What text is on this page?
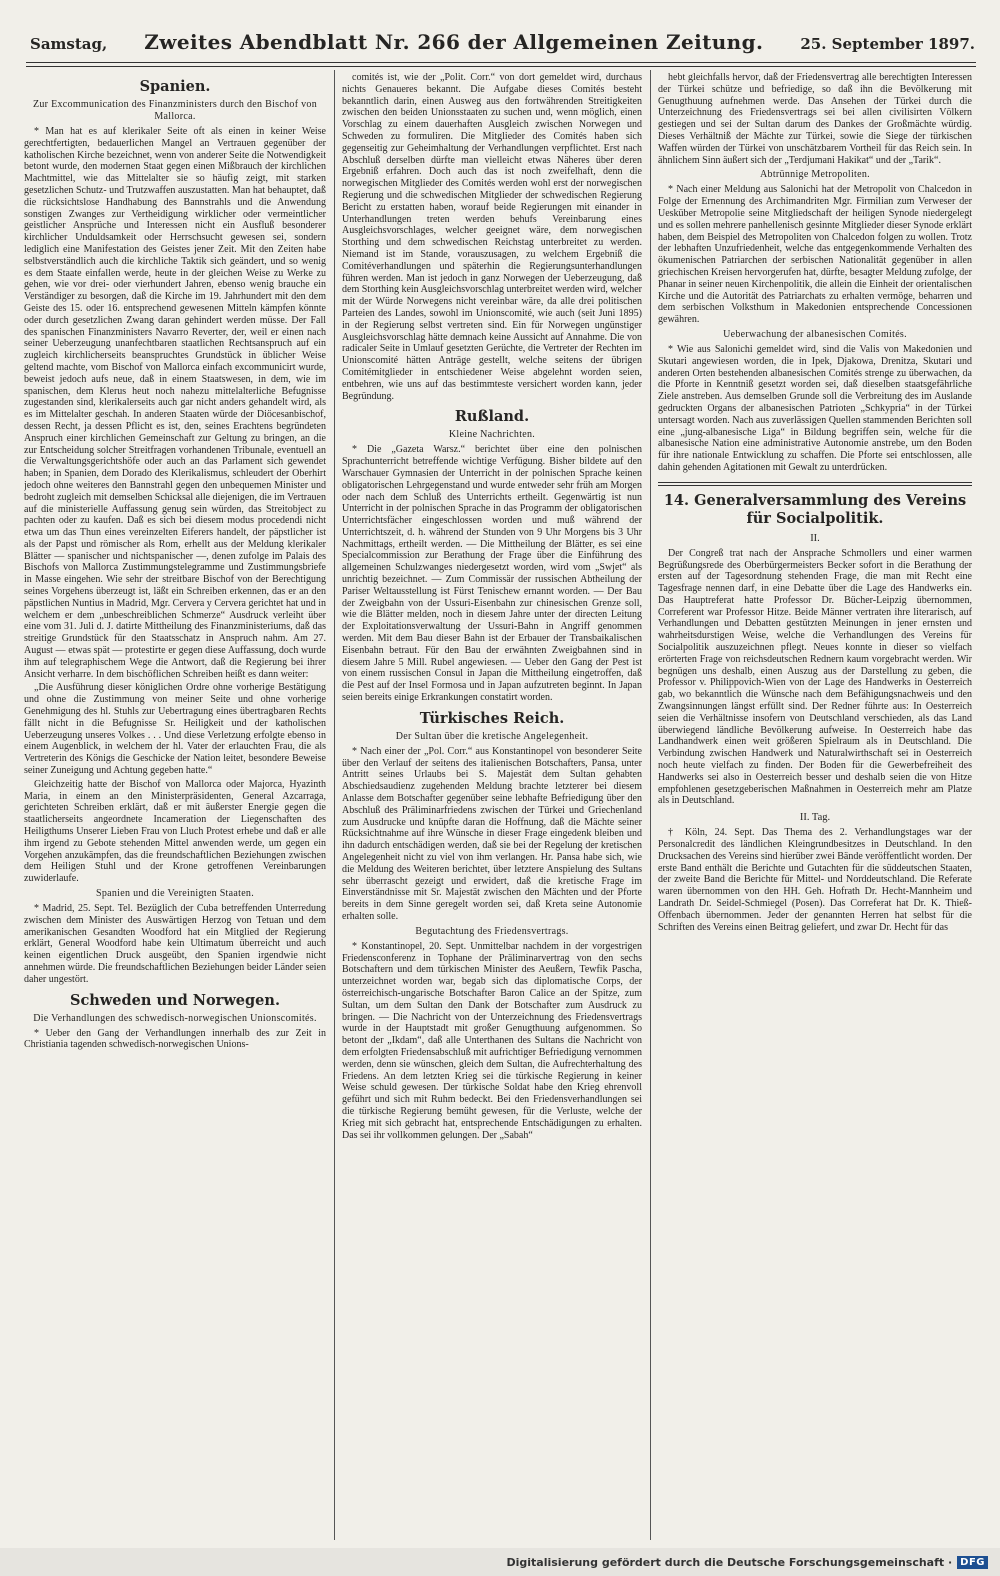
Samstag,	Zweites Abendblatt Nr. 266 der Allgemeinen Zeitung.	25. September 1897.

Spanien.

Zur Excommunication des Finanzministers durch den Bischof von Mallorca.

* Man hat es auf klerikaler Seite oft als einen in keiner Weise gerechtfertigten, bedauerlichen Mangel an Vertrauen gegenüber der katholischen Kirche bezeichnet, wenn von anderer Seite die Notwendigkeit betont wurde, den modernen Staat gegen einen Mißbrauch der kirchlichen Machtmittel, wie das Mittelalter sie so häufig zeigt, mit starken gesetzlichen Schutz- und Trutzwaffen auszustatten. Man hat behauptet, daß die rücksichtslose Handhabung des Bannstrahls und die Anwendung sonstigen Zwanges zur Vertheidigung wirklicher oder vermeintlicher geistlicher Ansprüche und Interessen nicht ein Ausfluß besonderer kirchlicher Unduldsamkeit oder Herrschsucht gewesen sei, sondern lediglich eine Manifestation des Geistes jener Zeit. Mit den Zeiten habe selbstverständlich auch die kirchliche Taktik sich geändert, und so wenig es dem Staate einfallen werde, heute in der gleichen Weise zu Werke zu gehen, wie vor drei- oder vierhundert Jahren, ebenso wenig brauche ein Verständiger zu besorgen, daß die Kirche im 19. Jahrhundert mit den dem Geiste des 15. oder 16. entsprechend gewesenen Mitteln kämpfen könnte oder durch gesetzlichen Zwang daran gehindert werden müsse. Der Fall des spanischen Finanzministers Navarro Reverter, der, weil er einen nach seiner Ueberzeugung unanfechtbaren staatlichen Rechtsanspruch auf ein zugleich kirchlicherseits beanspruchtes Grundstück in üblicher Weise geltend machte, vom Bischof von Mallorca einfach excommunicirt wurde, beweist jedoch aufs neue, daß in einem Staatswesen, in dem, wie im spanischen, dem Klerus heut noch nahezu mittelalterliche Befugnisse zugestanden sind, klerikalerseits auch gar nicht anders gehandelt wird, als es im Mittelalter geschah. In anderen Staaten würde der Diöcesanbischof, dessen Recht, ja dessen Pflicht es ist, den, seines Erachtens begründeten Anspruch einer kirchlichen Gemeinschaft zur Geltung zu bringen, an die zur Entscheidung solcher Streitfragen vorhandenen Tribunale, eventuell an die Verwaltungsgerichtshöfe oder auch an das Parlament sich gewendet haben; in Spanien, dem Dorado des Klerikalismus, schleudert der Oberhirt jedoch ohne weiteres den Bannstrahl gegen den unbequemen Minister und bedroht zugleich mit demselben Schicksal alle diejenigen, die im Vertrauen auf die ministerielle Auffassung genug sein würden, das Streitobject zu pachten oder zu kaufen. Daß es sich bei diesem modus procedendi nicht etwa um das Thun eines vereinzelten Eiferers handelt, der päpstlicher ist als der Papst und römischer als Rom, erhellt aus der Meldung klerikaler Blätter — spanischer und nichtspanischer —, denen zufolge im Palais des Bischofs von Mallorca Zustimmungstelegramme und Zustimmungsbriefe in Masse eingehen. Wie sehr der streitbare Bischof von der Berechtigung seines Vorgehens überzeugt ist, läßt ein Schreiben erkennen, das er an den päpstlichen Nuntius in Madrid, Mgr. Cervera y Cervera gerichtet hat und in welchem er dem „unbeschreiblichen Schmerze“ Ausdruck verleiht über eine vom 31. Juli d. J. datirte Mittheilung des Finanzministeriums, daß das streitige Grundstück für den Staatsschatz in Anspruch nahm. Am 27. August — etwas spät — protestirte er gegen diese Auffassung, doch wurde ihm auf telegraphischem Wege die Antwort, daß die Regierung bei ihrer Ansicht verharre. In dem bischöflichen Schreiben heißt es dann weiter:

„Die Ausführung dieser königlichen Ordre ohne vorherige Bestätigung und ohne die Zustimmung von meiner Seite und ohne vorherige Genehmigung des hl. Stuhls zur Uebertragung eines übertragbaren Rechts fällt nicht in die Befugnisse Sr. Heiligkeit und der katholischen Ueberzeugung unseres Volkes . . . Und diese Verletzung erfolgte ebenso in einem Augenblick, in welchem der hl. Vater der erlauchten Frau, die als Vertreterin des Königs die Geschicke der Nation leitet, besondere Beweise seiner Zuneigung und Achtung gegeben hatte.“

Gleichzeitig hatte der Bischof von Mallorca oder Majorca, Hyazinth Maria, in einem an den Ministerpräsidenten, General Azcarraga, gerichteten Schreiben erklärt, daß er mit äußerster Energie gegen die staatlicherseits angeordnete Incameration der Liegenschaften des Heiligthums Unserer Lieben Frau von Lluch Protest erhebe und daß er alle ihm irgend zu Gebote stehenden Mittel anwenden werde, um gegen ein Vorgehen anzukämpfen, das die freundschaftlichen Beziehungen zwischen dem Heiligen Stuhl und der Krone getroffenen Vereinbarungen zuwiderlaufe.

Spanien und die Vereinigten Staaten.

* Madrid, 25. Sept. Tel. Bezüglich der Cuba betreffenden Unterredung zwischen dem Minister des Auswärtigen Herzog von Tetuan und dem amerikanischen Gesandten Woodford hat ein Mitglied der Regierung erklärt, General Woodford habe kein Ultimatum überreicht und auch keinen eigentlichen Druck ausgeübt, den Spanien irgendwie nicht annehmen würde. Die freundschaftlichen Beziehungen beider Länder seien daher ungestört.

Schweden und Norwegen.

Die Verhandlungen des schwedisch-norwegischen Unionscomités.

* Ueber den Gang der Verhandlungen innerhalb des zur Zeit in Christiania tagenden schwedisch-norwegischen Unions-

comités ist, wie der „Polit. Corr.“ von dort gemeldet wird, durchaus nichts Genaueres bekannt. Die Aufgabe dieses Comités besteht bekanntlich darin, einen Ausweg aus den fortwährenden Streitigkeiten zwischen den beiden Unionsstaaten zu suchen und, wenn möglich, einen Vorschlag zu einem dauerhaften Ausgleich zwischen Norwegen und Schweden zu formuliren. Die Mitglieder des Comités haben sich gegenseitig zur Geheimhaltung der Verhandlungen verpflichtet. Erst nach Abschluß derselben dürfte man vielleicht etwas Näheres über deren Ergebniß erfahren. Doch auch das ist noch zweifelhaft, denn die norwegischen Mitglieder des Comités werden wohl erst der norwegischen Regierung und die schwedischen Mitglieder der schwedischen Regierung Bericht zu erstatten haben, worauf beide Regierungen mit einander in Unterhandlungen treten werden behufs Vereinbarung eines Ausgleichsvorschlages, welcher geeignet wäre, dem norwegischen Storthing und dem schwedischen Reichstag unterbreitet zu werden. Niemand ist im Stande, vorauszusagen, zu welchem Ergebniß die Comitéverhandlungen und späterhin die Regierungsunterhandlungen führen werden. Man ist jedoch in ganz Norwegen der Ueberzeugung, daß dem Storthing kein Ausgleichsvorschlag unterbreitet werden wird, welcher mit der Würde Norwegens nicht vereinbar wäre, da alle drei politischen Parteien des Landes, sowohl im Unionscomité, wie auch (seit Juni 1895) in der Regierung selbst vertreten sind. Ein für Norwegen ungünstiger Ausgleichsvorschlag hätte demnach keine Aussicht auf Annahme. Die von radicaler Seite in Umlauf gesetzten Gerüchte, die Vertreter der Rechten im Unionscomité hätten Anträge gestellt, welche seitens der übrigen Comitémitglieder in entschiedener Weise abgelehnt worden seien, entbehren, wie uns auf das bestimmteste versichert worden kann, jeder Begründung.

Rußland.

Kleine Nachrichten.

* Die „Gazeta Warsz.“ berichtet über eine den polnischen Sprachunterricht betreffende wichtige Verfügung. Bisher bildete auf den Warschauer Gymnasien der Unterricht in der polnischen Sprache keinen obligatorischen Lehrgegenstand und wurde entweder sehr früh am Morgen oder nach dem Schluß des Unterrichts ertheilt. Gegenwärtig ist nun Unterricht in der polnischen Sprache in das Programm der obligatorischen Unterrichtsfächer eingeschlossen worden und muß während der Unterrichtszeit, d. h. während der Stunden von 9 Uhr Morgens bis 3 Uhr Nachmittags, ertheilt werden. — Die Mittheilung der Blätter, es sei eine Specialcommission zur Berathung der Frage über die Einführung des allgemeinen Schulzwanges niedergesetzt worden, wird vom „Swjet“ als unrichtig bezeichnet. — Zum Commissär der russischen Abtheilung der Pariser Weltausstellung ist Fürst Tenischew ernannt worden. — Der Bau der Zweigbahn von der Ussuri-Eisenbahn zur chinesischen Grenze soll, wie die Blätter melden, noch in diesem Jahre unter der directen Leitung der Exploitationsverwaltung der Ussuri-Bahn in Angriff genommen werden. Mit dem Bau dieser Bahn ist der Erbauer der Transbaikalischen Eisenbahn betraut. Für den Bau der erwähnten Zweigbahnen sind in diesem Jahre 5 Mill. Rubel angewiesen. — Ueber den Gang der Pest ist von einem russischen Consul in Japan die Mittheilung eingetroffen, daß die Pest auf der Insel Formosa und in Japan aufzutreten beginnt. In Japan seien bereits einige Erkrankungen constatirt worden.

Türkisches Reich.

Der Sultan über die kretische Angelegenheit.

* Nach einer der „Pol. Corr.“ aus Konstantinopel von besonderer Seite über den Verlauf der seitens des italienischen Botschafters, Pansa, unter Antritt seines Urlaubs bei S. Majestät dem Sultan gehabten Abschiedsaudienz zugehenden Meldung brachte letzterer bei diesem Anlasse dem Botschafter gegenüber seine lebhafte Befriedigung über den Abschluß des Präliminarfriedens zwischen der Türkei und Griechenland zum Ausdrucke und knüpfte daran die Hoffnung, daß die Mächte seiner Rücksichtnahme auf ihre Wünsche in dieser Frage eingedenk bleiben und ihn dadurch entschädigen werden, daß sie bei der Regelung der kretischen Angelegenheit nicht zu viel von ihm verlangen. Hr. Pansa habe sich, wie die Meldung des Weiteren berichtet, über letztere Anspielung des Sultans sehr überrascht gezeigt und erwidert, daß die kretische Frage im Einverständnisse mit Sr. Majestät zwischen den Mächten und der Pforte bereits in dem Sinne geregelt worden sei, daß Kreta seine Autonomie erhalten solle.

Begutachtung des Friedensvertrags.

* Konstantinopel, 20. Sept. Unmittelbar nachdem in der vorgestrigen Friedensconferenz in Tophane der Präliminarvertrag von den sechs Botschaftern und dem türkischen Minister des Aeußern, Tewfik Pascha, unterzeichnet worden war, begab sich das diplomatische Corps, der österreichisch-ungarische Botschafter Baron Calice an der Spitze, zum Sultan, um dem Sultan den Dank der Botschafter zum Ausdruck zu bringen. — Die Nachricht von der Unterzeichnung des Friedensvertrags wurde in der Hauptstadt mit großer Genugthuung aufgenommen. So betont der „Ikdam“, daß alle Unterthanen des Sultans die Nachricht von dem erfolgten Friedensabschluß mit aufrichtiger Befriedigung vernommen werden, denn sie wünschen, gleich dem Sultan, die Aufrechterhaltung des Friedens. An dem letzten Krieg sei die türkische Regierung in keiner Weise schuld gewesen. Der türkische Soldat habe den Krieg ehrenvoll geführt und sich mit Ruhm bedeckt. Bei den Friedensverhandlungen sei die türkische Regierung bemüht gewesen, für die Verluste, welche der Krieg mit sich gebracht hat, entsprechende Entschädigungen zu erhalten. Das sei ihr vollkommen gelungen. Der „Sabah“

hebt gleichfalls hervor, daß der Friedensvertrag alle berechtigten Interessen der Türkei schütze und befriedige, so daß ihn die Bevölkerung mit Genugthuung aufnehmen werde. Das Ansehen der Türkei durch die Unterzeichnung des Friedensvertrags sei bei allen civilisirten Völkern gestiegen und sei der Sultan darum des Dankes der Großmächte würdig. Dieses Verhältniß der Mächte zur Türkei, sowie die Siege der türkischen Waffen würden der Türkei von unschätzbarem Vortheil für das Reich sein. In ähnlichem Sinn äußert sich der „Terdjumani Hakikat“ und der „Tarik“.

Abtrünnige Metropoliten.

* Nach einer Meldung aus Salonichi hat der Metropolit von Chalcedon in Folge der Ernennung des Archimandriten Mgr. Firmilian zum Verweser der Uesküber Metropolie seine Mitgliedschaft der heiligen Synode niedergelegt und es sollen mehrere panhellenisch gesinnte Mitglieder dieser Synode erklärt haben, dem Beispiel des Metropoliten von Chalcedon folgen zu wollen. Trotz der lebhaften Unzufriedenheit, welche das entgegenkommende Verhalten des ökumenischen Patriarchen der serbischen Nationalität gegenüber in allen griechischen Kreisen hervorgerufen hat, dürfte, besagter Meldung zufolge, der Phanar in seiner neuen Kirchenpolitik, die allein die Einheit der orientalischen Kirche und die Autorität des Patriarchats zu erhalten vermöge, beharren und dem serbischen Volksthum in Makedonien entsprechende Concessionen gewähren.

Ueberwachung der albanesischen Comités.

* Wie aus Salonichi gemeldet wird, sind die Valis von Makedonien und Skutari angewiesen worden, die in Ipek, Djakowa, Drenitza, Skutari und anderen Orten bestehenden albanesischen Comités strenge zu überwachen, da die Pforte in Kenntniß gesetzt worden sei, daß dieselben staatsgefährliche Ziele anstreben. Aus demselben Grunde soll die Verbreitung des im Auslande gedruckten Organs der albanesischen Patrioten „Schkypria“ in der Türkei untersagt worden. Nach aus zuverlässigen Quellen stammenden Berichten soll eine „jung-albanesische Liga“ in Bildung begriffen sein, welche für die albanesische Nation eine administrative Autonomie anstrebe, um den Boden für ihre nationale Entwicklung zu schaffen. Die Pforte sei entschlossen, alle dahin gehenden Agitationen mit Gewalt zu unterdrücken.

14. Generalversammlung des Vereins für Socialpolitik.

II.

Der Congreß trat nach der Ansprache Schmollers und einer warmen Begrüßungsrede des Oberbürgermeisters Becker sofort in die Berathung der ersten auf der Tagesordnung stehenden Frage, die man mit Recht eine Tagesfrage nennen darf, in eine Debatte über die Lage des Handwerks ein. Das Hauptreferat hatte Professor Dr. Bücher-Leipzig übernommen, Correferent war Professor Hitze. Beide Männer vertraten ihre literarisch, auf Verhandlungen und Debatten gestützten Meinungen in jener ernsten und wahrheitsdurstigen Weise, welche die Verhandlungen des Vereins für Socialpolitik auszuzeichnen pflegt. Neues konnte in dieser so vielfach erörterten Frage von reichsdeutschen Rednern kaum vorgebracht werden. Wir begnügen uns deshalb, einen Auszug aus der Darstellung zu geben, die Professor v. Philippovich-Wien von der Lage des Handwerks in Oesterreich gab, wo bekanntlich die Wünsche nach dem Befähigungsnachweis und den Zwangsinnungen längst erfüllt sind. Der Redner führte aus: In Oesterreich seien die Verhältnisse insofern von Deutschland verschieden, als das Land überwiegend ländliche Bevölkerung aufweise. In Oesterreich habe das Landhandwerk einen weit größeren Spielraum als in Deutschland. Die Verbindung zwischen Handwerk und Naturalwirthschaft sei in Oesterreich noch heute vielfach zu finden. Der Boden für die Gewerbefreiheit des Handwerks sei also in Oesterreich besser und deshalb seien die von Hitze empfohlenen gesetzgeberischen Maßnahmen in Oesterreich mehr am Platze als in Deutschland.

II. Tag.

† Köln, 24. Sept. Das Thema des 2. Verhandlungstages war der Personalcredit des ländlichen Kleingrundbesitzes in Deutschland. In den Drucksachen des Vereins sind hierüber zwei Bände veröffentlicht worden. Der erste Band enthält die Berichte und Gutachten für die süddeutschen Staaten, der zweite Band die Berichte für Mittel- und Norddeutschland. Die Referate waren übernommen von den HH. Geh. Hofrath Dr. Hecht-Mannheim und Landrath Dr. Seidel-Schmiegel (Posen). Das Correferat hat Dr. K. Thieß-Offenbach übernommen. Jeder der genannten Herren hat selbst für die Schriften des Vereins einen Beitrag geliefert, und zwar Dr. Hecht für das

Digitalisierung gefördert durch die Deutsche Forschungsgemeinschaft · DFG
